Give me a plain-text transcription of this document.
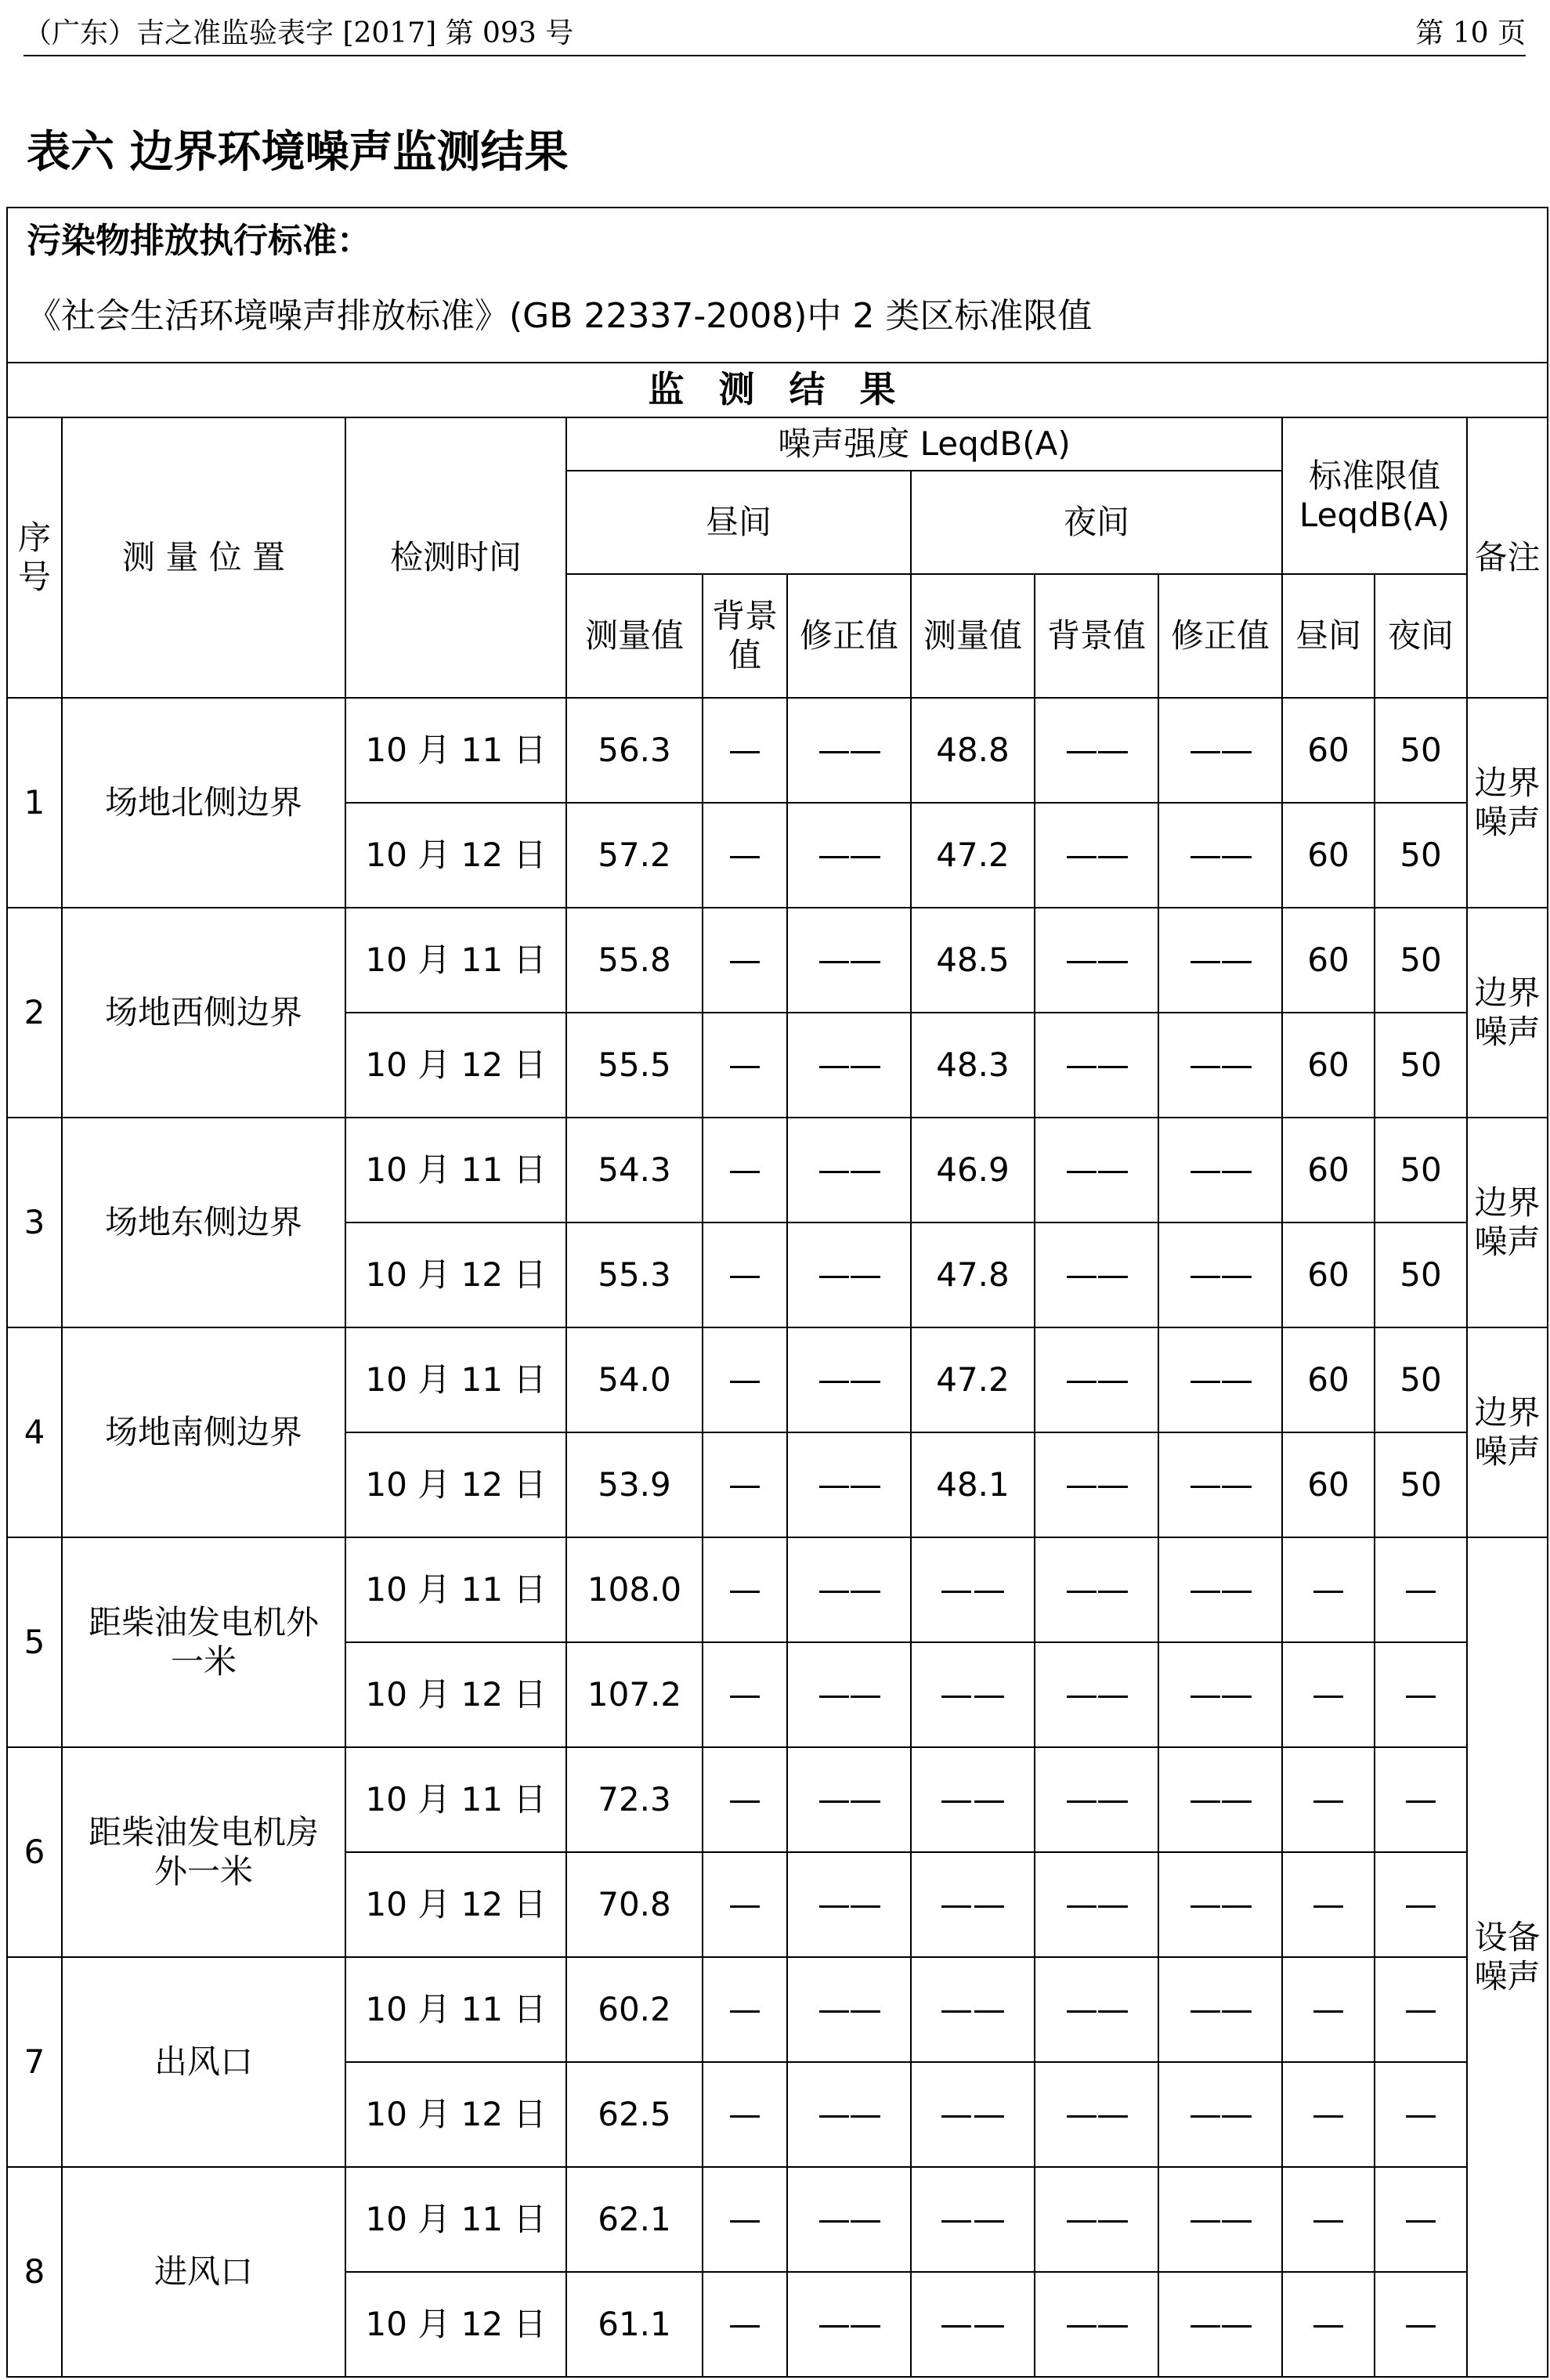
（广东）吉之准监验表字 [2017] 第 093 号	第 10 页
表六 边界环境噪声监测结果
污染物排放执行标准：
《社会生活环境噪声排放标准》(GB 22337-2008)中 2 类区标准限值											

监 测 结 果											
序号	测 量 位 置	检测时间	噪声强度 LeqdB(A)						标准限值
LeqdB(A)		备注
			昼间			夜间					
			测量值	背景值	修正值	测量值	背景值	修正值	昼间	夜间	
1	场地北侧边界	10 月 11 日	56.3	—	——	48.8	——	——	60	50	边界噪声
		10 月 12 日	57.2	—	——	47.2	——	——	60	50	
2	场地西侧边界	10 月 11 日	55.8	—	——	48.5	——	——	60	50	边界噪声
		10 月 12 日	55.5	—	——	48.3	——	——	60	50	
3	场地东侧边界	10 月 11 日	54.3	—	——	46.9	——	——	60	50	边界噪声
		10 月 12 日	55.3	—	——	47.8	——	——	60	50	
4	场地南侧边界	10 月 11 日	54.0	—	——	47.2	——	——	60	50	边界噪声
		10 月 12 日	53.9	—	——	48.1	——	——	60	50	
5	距柴油发电机外一米	10 月 11 日	108.0	—	——	——	——	——	—	—	设备噪声
		10 月 12 日	107.2	—	——	——	——	——	—	—	
6	距柴油发电机房外一米	10 月 11 日	72.3	—	——	——	——	——	—	—	
		10 月 12 日	70.8	—	——	——	——	——	—	—	
7	出风口	10 月 11 日	60.2	—	——	——	——	——	—	—	
		10 月 12 日	62.5	—	——	——	——	——	—	—	
8	进风口	10 月 11 日	62.1	—	——	——	——	——	—	—	
		10 月 12 日	61.1	—	——	——	——	——	—	—	
